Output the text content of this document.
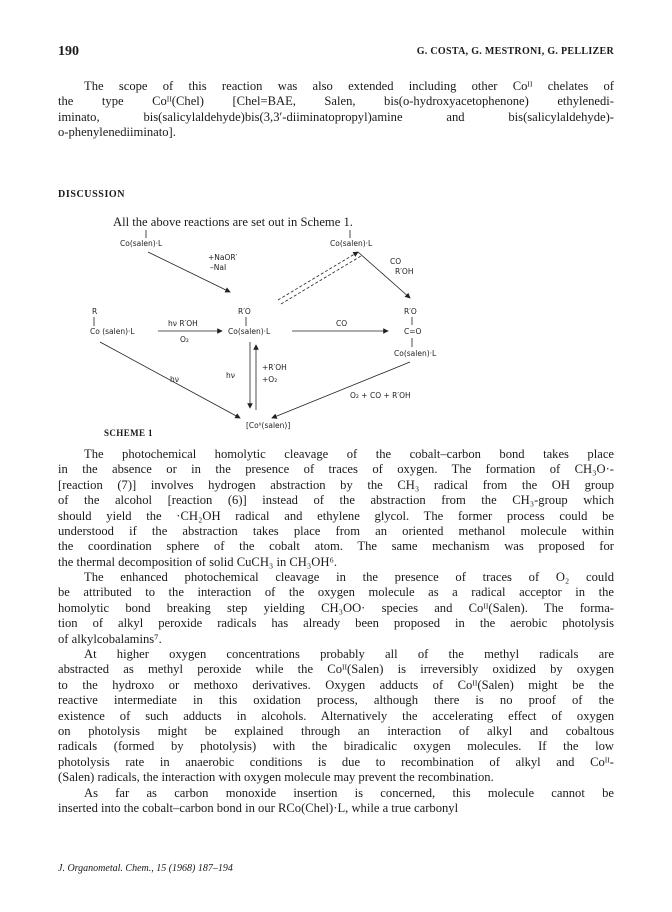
190	G. COSTA, G. MESTRONI, G. PELLIZER
The scope of this reaction was also extended including other Coᴵᴵ chelates of
the type Coᴵᴵ(Chel) [Chel=BAE, Salen, bis(o-hydroxyacetophenone) ethylenedi-
iminato, bis(salicylaldehyde)bis(3,3′-diiminatopropyl)amine and bis(salicylaldehyde)-
o-phenylenediiminato].
DISCUSSION
All the above reactions are set out in Scheme 1.
Co(salen)·L	Co(salen)·L
+NaOR′
–NaI
CO
R′OH
R
Co (salen)·L
hν R′OH
O₂
R′O
Co(salen)·L
CO
R′O
C=O
Co(salen)·L
hν	hν
+R′OH
+O₂
O₂ + CO + R′OH
[Coᴵᴵ(salen)]
SCHEME 1
The photochemical homolytic cleavage of the cobalt–carbon bond takes place
in the absence or in the presence of traces of oxygen. The formation of CH₃O·-
[reaction (7)] involves hydrogen abstraction by the CH₃ radical from the OH group
of the alcohol [reaction (6)] instead of the abstraction from the CH₃-group which
should yield the ·CH₂OH radical and ethylene glycol. The former process could be
understood if the abstraction takes place from an oriented methanol molecule within
the coordination sphere of the cobalt atom. The same mechanism was proposed for
the thermal decomposition of solid CuCH₃ in CH₃OH⁶.
The enhanced photochemical cleavage in the presence of traces of O₂ could
be attributed to the interaction of the oxygen molecule as a radical acceptor in the
homolytic bond breaking step yielding CH₃OO· species and Coᴵᴵ(Salen). The forma-
tion of alkyl peroxide radicals has already been proposed in the aerobic photolysis
of alkylcobalamins⁷.
At higher oxygen concentrations probably all of the methyl radicals are
abstracted as methyl peroxide while the Coᴵᴵ(Salen) is irreversibly oxidized by oxygen
to the hydroxo or methoxo derivatives. Oxygen adducts of Coᴵᴵ(Salen) might be the
reactive intermediate in this oxidation process, although there is no proof of the
existence of such adducts in alcohols. Alternatively the accelerating effect of oxygen
on photolysis might be explained through an interaction of alkyl and cobaltous
radicals (formed by photolysis) with the biradicalic oxygen molecules. If the low
photolysis rate in anaerobic conditions is due to recombination of alkyl and Coᴵᴵ-
(Salen) radicals, the interaction with oxygen molecule may prevent the recombination.
As far as carbon monoxide insertion is concerned, this molecule cannot be
inserted into the cobalt–carbon bond in our RCo(Chel)·L, while a true carbonyl
J. Organometal. Chem., 15 (1968) 187–194
